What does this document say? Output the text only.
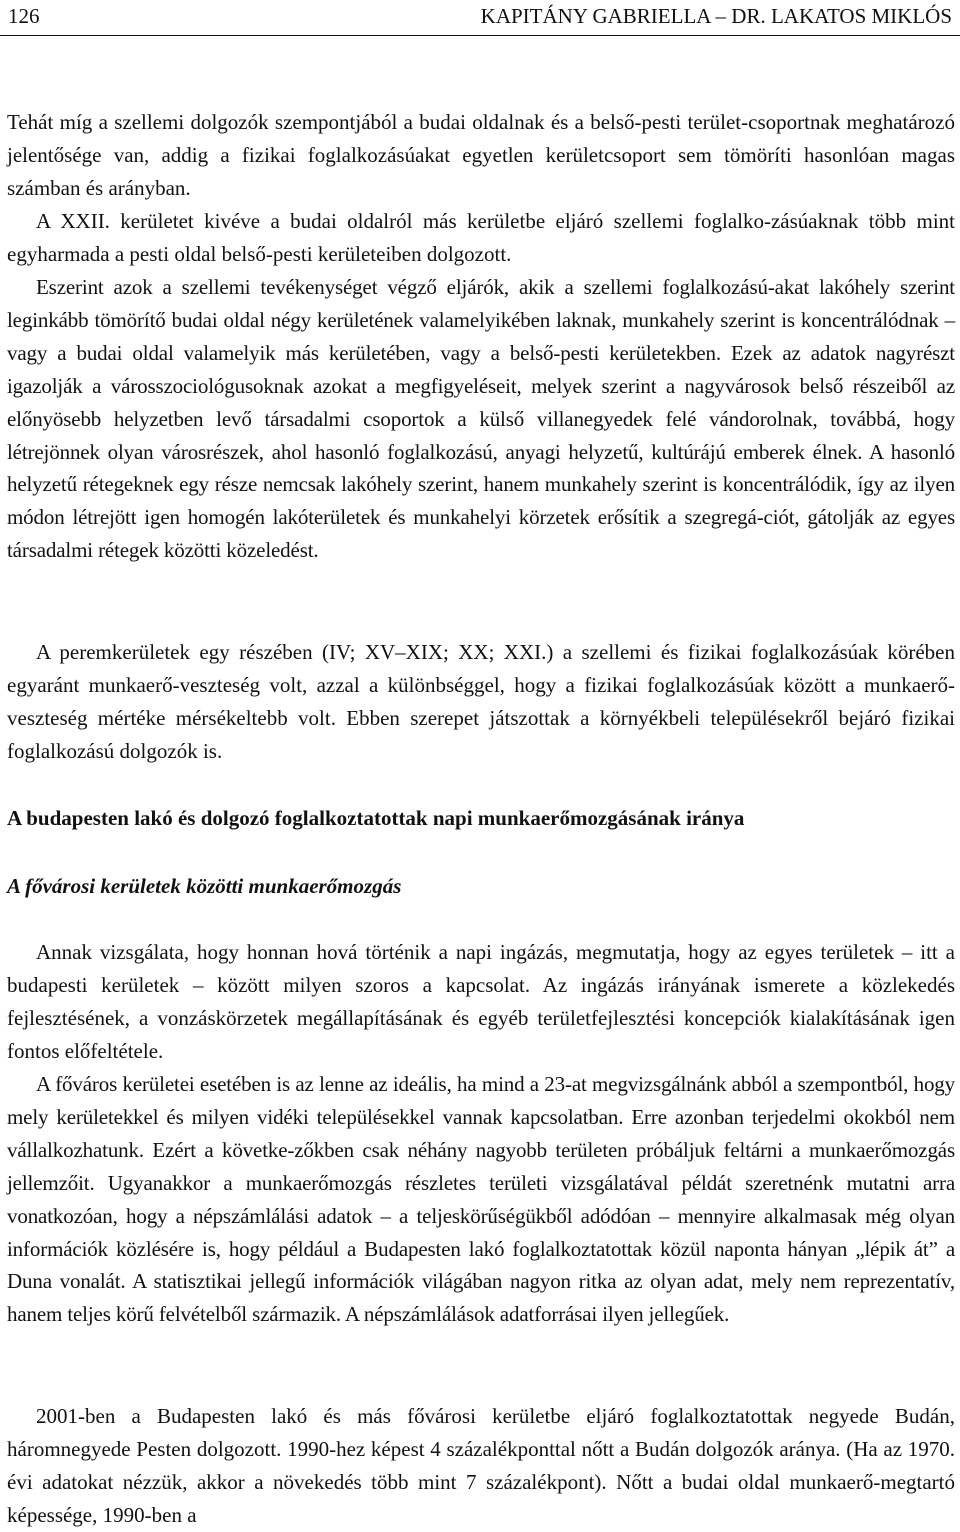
126	KAPITÁNY GABRIELLA – DR. LAKATOS MIKLÓS

Tehát míg a szellemi dolgozók szempontjából a budai oldalnak és a belső-pesti terület-csoportnak meghatározó jelentősége van, addig a fizikai foglalkozásúakat egyetlen kerületcsoport sem tömöríti hasonlóan magas számban és arányban.

A XXII. kerületet kivéve a budai oldalról más kerületbe eljáró szellemi foglalko-zásúaknak több mint egyharmada a pesti oldal belső-pesti kerületeiben dolgozott.

Eszerint azok a szellemi tevékenységet végző eljárók, akik a szellemi foglalkozású-akat lakóhely szerint leginkább tömörítő budai oldal négy kerületének valamelyikében laknak, munkahely szerint is koncentrálódnak – vagy a budai oldal valamelyik más kerületében, vagy a belső-pesti kerületekben. Ezek az adatok nagyrészt igazolják a városszociológusoknak azokat a megfigyeléseit, melyek szerint a nagyvárosok belső részeiből az előnyösebb helyzetben levő társadalmi csoportok a külső villanegyedek felé vándorolnak, továbbá, hogy létrejönnek olyan városrészek, ahol hasonló foglalkozású, anyagi helyzetű, kultúrájú emberek élnek. A hasonló helyzetű rétegeknek egy része nemcsak lakóhely szerint, hanem munkahely szerint is koncentrálódik, így az ilyen módon létrejött igen homogén lakóterületek és munkahelyi körzetek erősítik a szegregá-ciót, gátolják az egyes társadalmi rétegek közötti közeledést.

A peremkerületek egy részében (IV; XV–XIX; XX; XXI.) a szellemi és fizikai foglalkozásúak körében egyaránt munkaerő-veszteség volt, azzal a különbséggel, hogy a fizikai foglalkozásúak között a munkaerő-veszteség mértéke mérsékeltebb volt. Ebben szerepet játszottak a környékbeli településekről bejáró fizikai foglalkozású dolgozók is.

A budapesten lakó és dolgozó foglalkoztatottak napi munkaerőmozgásának iránya
A fővárosi kerületek közötti munkaerőmozgás

Annak vizsgálata, hogy honnan hová történik a napi ingázás, megmutatja, hogy az egyes területek – itt a budapesti kerületek – között milyen szoros a kapcsolat. Az ingázás irányának ismerete a közlekedés fejlesztésének, a vonzáskörzetek megállapításának és egyéb területfejlesztési koncepciók kialakításának igen fontos előfeltétele.

A főváros kerületei esetében is az lenne az ideális, ha mind a 23-at megvizsgálnánk abból a szempontból, hogy mely kerületekkel és milyen vidéki településekkel vannak kapcsolatban. Erre azonban terjedelmi okokból nem vállalkozhatunk. Ezért a követke-zőkben csak néhány nagyobb területen próbáljuk feltárni a munkaerőmozgás jellemzőit. Ugyanakkor a munkaerőmozgás részletes területi vizsgálatával példát szeretnénk mutatni arra vonatkozóan, hogy a népszámlálási adatok – a teljeskörűségükből adódóan – mennyire alkalmasak még olyan információk közlésére is, hogy például a Budapesten lakó foglalkoztatottak közül naponta hányan „lépik át” a Duna vonalát. A statisztikai jellegű információk világában nagyon ritka az olyan adat, mely nem reprezentatív, hanem teljes körű felvételből származik. A népszámlálások adatforrásai ilyen jellegűek.

2001-ben a Budapesten lakó és más fővárosi kerületbe eljáró foglalkoztatottak negyede Budán, háromnegyede Pesten dolgozott. 1990-hez képest 4 százalékponttal nőtt a Budán dolgozók aránya. (Ha az 1970. évi adatokat nézzük, akkor a növekedés több mint 7 százalékpont). Nőtt a budai oldal munkaerő-megtartó képessége, 1990-ben a
